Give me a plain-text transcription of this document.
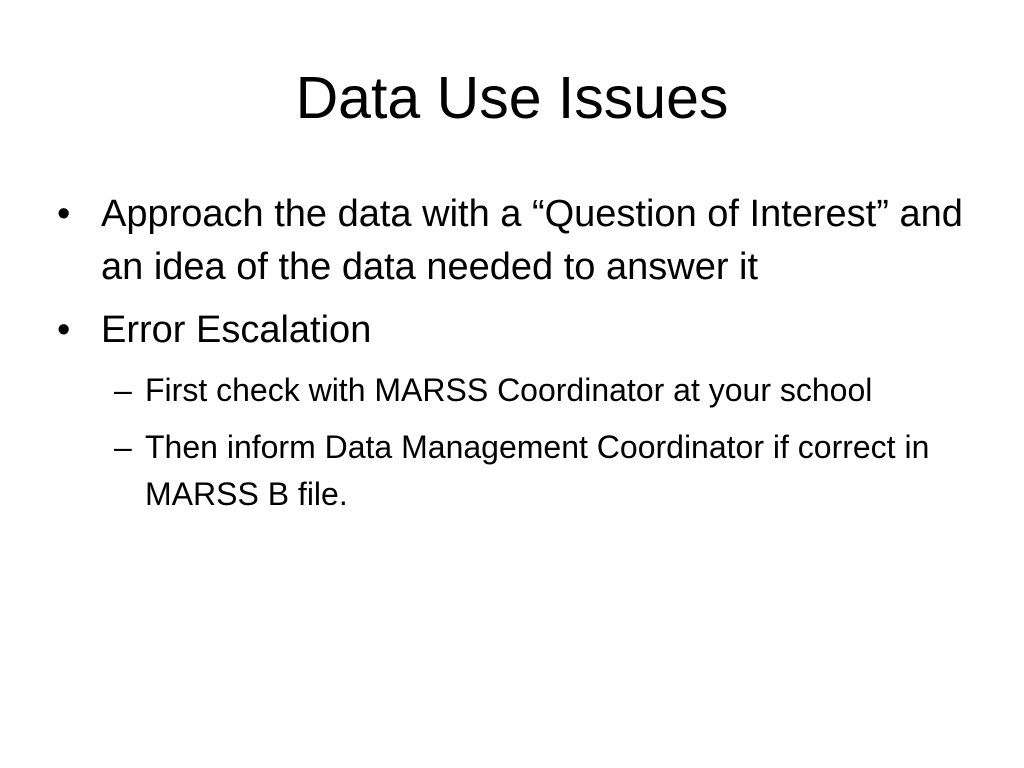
Data Use Issues
• Approach the data with a “Question of Interest” and an idea of the data needed to answer it
• Error Escalation
– First check with MARSS Coordinator at your school
– Then inform Data Management Coordinator if correct in MARSS B file.
